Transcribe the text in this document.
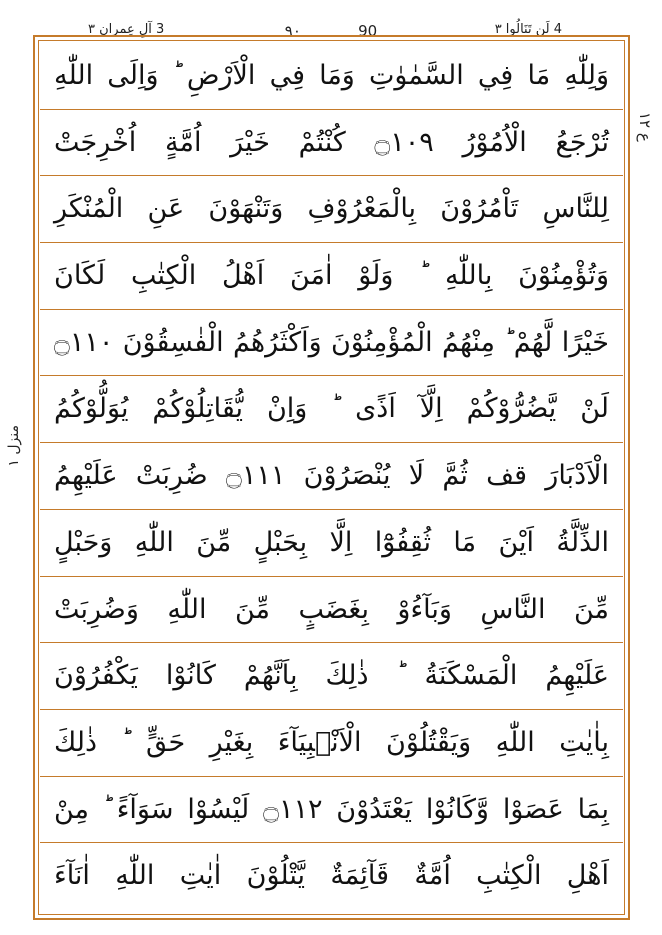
4 لَن تَنَالُوا ٣
٩٠	90
3 آلِ عِمران ٣
ع ١٢
منزل ١
وَلِلّٰهِ مَا فِي السَّمٰوٰتِ وَمَا فِي الْاَرْضِ ؕ وَاِلَى اللّٰهِ
تُرْجَعُ الْاُمُوْرُ ۝١٠٩ كُنْتُمْ خَيْرَ اُمَّةٍ اُخْرِجَتْ
لِلنَّاسِ تَاْمُرُوْنَ بِالْمَعْرُوْفِ وَتَنْهَوْنَ عَنِ الْمُنْكَرِ
وَتُؤْمِنُوْنَ بِاللّٰهِ ؕ وَلَوْ اٰمَنَ اَهْلُ الْكِتٰبِ لَكَانَ
خَيْرًا لَّهُمْ ؕ مِنْهُمُ الْمُؤْمِنُوْنَ وَاَكْثَرُهُمُ الْفٰسِقُوْنَ ۝١١٠
لَنْ يَّضُرُّوْكُمْ اِلَّآ اَذًى ؕ وَاِنْ يُّقَاتِلُوْكُمْ يُوَلُّوْكُمُ
الْاَدْبَارَ قف ثُمَّ لَا يُنْصَرُوْنَ ۝١١١ ضُرِبَتْ عَلَيْهِمُ
الذِّلَّةُ اَيْنَ مَا ثُقِفُوْٓا اِلَّا بِحَبْلٍ مِّنَ اللّٰهِ وَحَبْلٍ
مِّنَ النَّاسِ وَبَآءُوْ بِغَضَبٍ مِّنَ اللّٰهِ وَضُرِبَتْ
عَلَيْهِمُ الْمَسْكَنَةُ ؕ ذٰلِكَ بِاَنَّهُمْ كَانُوْا يَكْفُرُوْنَ
بِاٰيٰتِ اللّٰهِ وَيَقْتُلُوْنَ الْاَنْۢبِيَآءَ بِغَيْرِ حَقٍّ ؕ ذٰلِكَ
بِمَا عَصَوْا وَّكَانُوْا يَعْتَدُوْنَ ۝١١٢ لَيْسُوْا سَوَآءً ؕ مِنْ
اَهْلِ الْكِتٰبِ اُمَّةٌ قَآئِمَةٌ يَّتْلُوْنَ اٰيٰتِ اللّٰهِ اٰنَآءَ
